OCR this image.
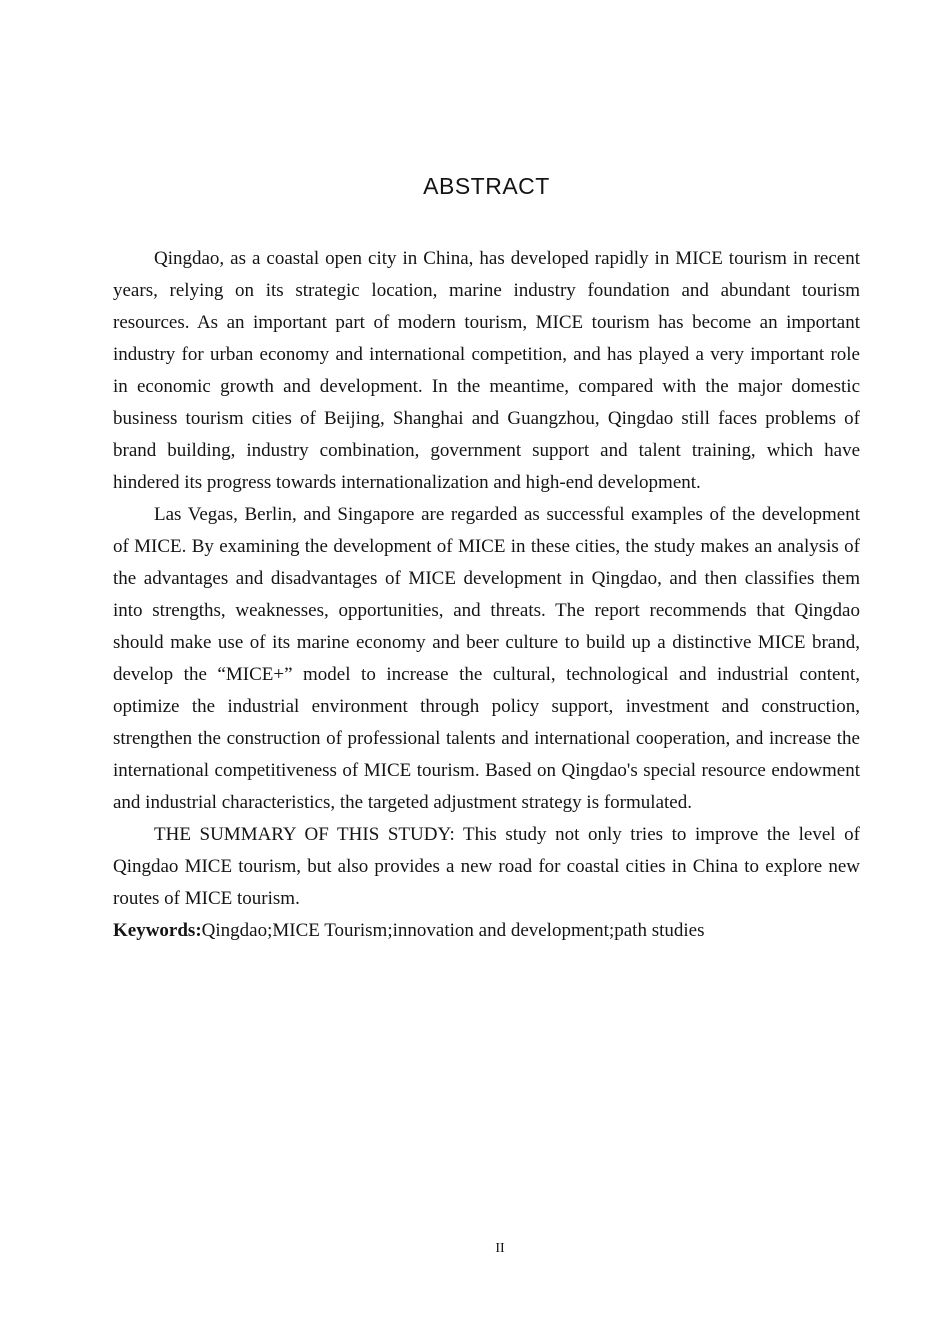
ABSTRACT
Qingdao, as a coastal open city in China, has developed rapidly in MICE tourism in recent
years, relying on its strategic location, marine industry foundation and abundant tourism
resources. As an important part of modern tourism, MICE tourism has become an important
industry for urban economy and international competition, and has played a very important role
in economic growth and development. In the meantime, compared with the major domestic
business tourism cities of Beijing, Shanghai and Guangzhou, Qingdao still faces problems of
brand building, industry combination, government support and talent training, which have
hindered its progress towards internationalization and high-end development.
Las Vegas, Berlin, and Singapore are regarded as successful examples of the development
of MICE. By examining the development of MICE in these cities, the study makes an analysis of
the advantages and disadvantages of MICE development in Qingdao, and then classifies them
into strengths, weaknesses, opportunities, and threats. The report recommends that Qingdao
should make use of its marine economy and beer culture to build up a distinctive MICE brand,
develop the “MICE+” model to increase the cultural, technological and industrial content,
optimize the industrial environment through policy support, investment and construction,
strengthen the construction of professional talents and international cooperation, and increase the
international competitiveness of MICE tourism. Based on Qingdao's special resource endowment
and industrial characteristics, the targeted adjustment strategy is formulated.
THE SUMMARY OF THIS STUDY: This study not only tries to improve the level of
Qingdao MICE tourism, but also provides a new road for coastal cities in China to explore new
routes of MICE tourism.
Keywords:Qingdao;MICE Tourism;innovation and development;path studies
II
